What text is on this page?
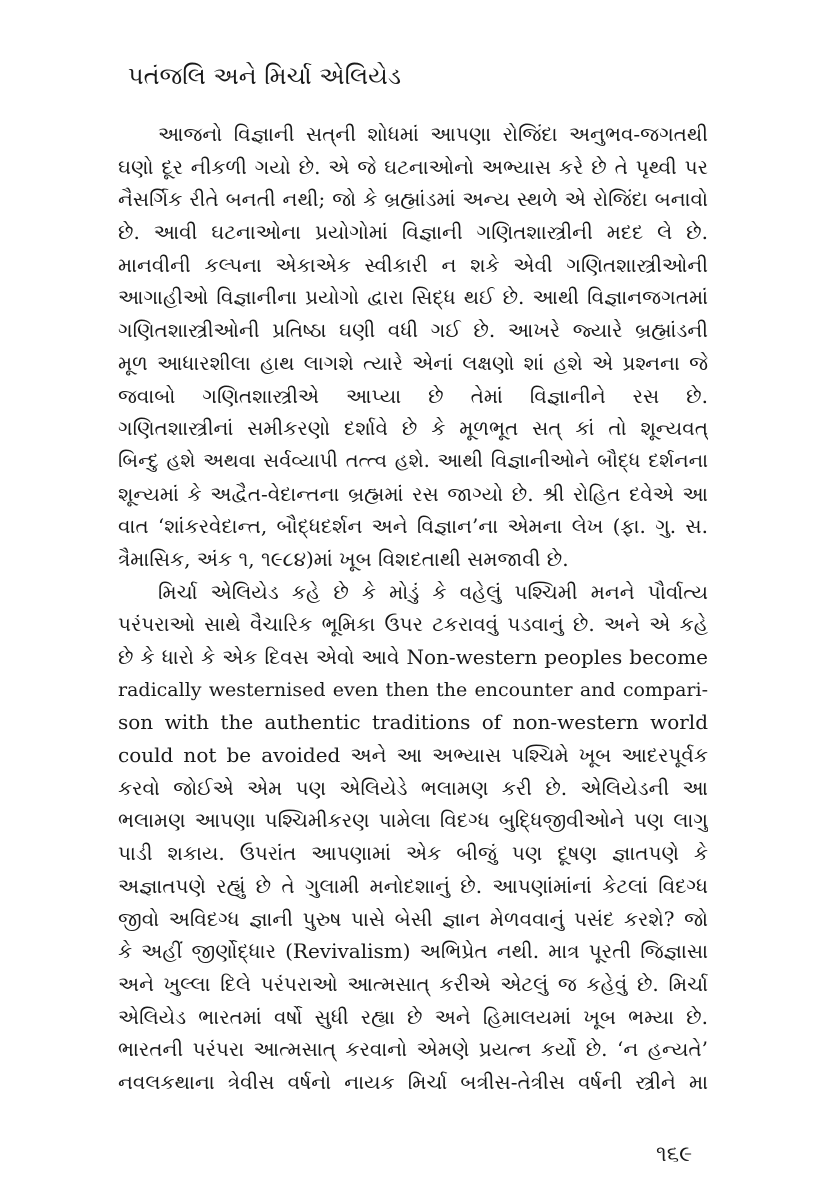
પતંજલિ અને મિર્ચા એલિયેડ
આજનો વિજ્ઞાની સત્‌ની શોધમાં આપણા રોજિંદા અનુભવ-જગતથી
ઘણો દૂર નીકળી ગયો છે. એ જે ઘટનાઓનો અભ્યાસ કરે છે તે પૃથ્વી પર
નૈસર્ગિક રીતે બનતી નથી; જો કે બ્રહ્માંડમાં અન્ય સ્થળે એ રોજિંદા બનાવો
છે. આવી ઘટનાઓના પ્રયોગોમાં વિજ્ઞાની ગણિતશાસ્ત્રીની મદદ લે છે.
માનવીની કલ્પના એકાએક સ્વીકારી ન શકે એવી ગણિતશાસ્ત્રીઓની
આગાહીઓ વિજ્ઞાનીના પ્રયોગો દ્વારા સિદ્ધ થઈ છે. આથી વિજ્ઞાનજગતમાં
ગણિતશાસ્ત્રીઓની પ્રતિષ્ઠા ઘણી વધી ગઈ છે. આખરે જ્યારે બ્રહ્માંડની
મૂળ આધારશીલા હાથ લાગશે ત્યારે એનાં લક્ષણો શાં હશે એ પ્રશ્નના જે
જવાબો ગણિતશાસ્ત્રીએ આપ્યા છે તેમાં વિજ્ઞાનીને રસ છે.
ગણિતશાસ્ત્રીનાં સમીકરણો દર્શાવે છે કે મૂળભૂત સત્‌ કાં તો શૂન્યવત્‌
બિન્દુ હશે અથવા સર્વવ્યાપી તત્ત્વ હશે. આથી વિજ્ઞાનીઓને બૌદ્ધ દર્શનના
શૂન્યમાં કે અદ્વૈત-વેદાન્તના બ્રહ્મમાં રસ જાગ્યો છે. શ્રી રોહિત દવેએ આ
વાત ‘શાંકરવેદાન્ત, બૌદ્ધદર્શન અને વિજ્ઞાન’ના એમના લેખ (ફા. ગુ. સ.
ત્રૈમાસિક, અંક ૧, ૧૯૮૪)માં ખૂબ વિશદતાથી સમજાવી છે.
મિર્ચા એલિયેડ કહે છે કે મોડું કે વહેલું પશ્ચિમી મનને પૌર્વાત્ય
પરંપરાઓ સાથે વૈચારિક ભૂમિકા ઉપર ટકરાવવું પડવાનું છે. અને એ કહે
છે કે ધારો કે એક દિવસ એવો આવે Non-western peoples become
radically westernised even then the encounter and compari-
son with the authentic traditions of non-western world
could not be avoided અને આ અભ્યાસ પશ્ચિમે ખૂબ આદરપૂર્વક
કરવો જોઈએ એમ પણ એલિયેડે ભલામણ કરી છે. એલિયેડની આ
ભલામણ આપણા પશ્ચિમીકરણ પામેલા વિદગ્ધ બુદ્ધિજીવીઓને પણ લાગુ
પાડી શકાય. ઉપરાંત આપણામાં એક બીજું પણ દૂષણ જ્ઞાતપણે કે
અજ્ઞાતપણે રહ્યું છે તે ગુલામી મનોદશાનું છે. આપણાંમાંનાં કેટલાં વિદગ્ધ
જીવો અવિદગ્ધ જ્ઞાની પુરુષ પાસે બેસી જ્ઞાન મેળવવાનું પસંદ કરશે? જો
કે અહીં જીર્ણોદ્ધાર (Revivalism) અભિપ્રેત નથી. માત્ર પૂરતી જિજ્ઞાસા
અને ખુલ્લા દિલે પરંપરાઓ આત્મસાત્‌ કરીએ એટલું જ કહેવું છે. મિર્ચા
એલિયેડ ભારતમાં વર્ષો સુધી રહ્યા છે અને હિમાલયમાં ખૂબ ભમ્યા છે.
ભારતની પરંપરા આત્મસાત્‌ કરવાનો એમણે પ્રયત્ન કર્યો છે. ‘ન હન્યતે’
નવલકથાના ત્રેવીસ વર્ષનો નાયક મિર્ચા બત્રીસ-તેત્રીસ વર્ષની સ્ત્રીને મા
૧૬૯
